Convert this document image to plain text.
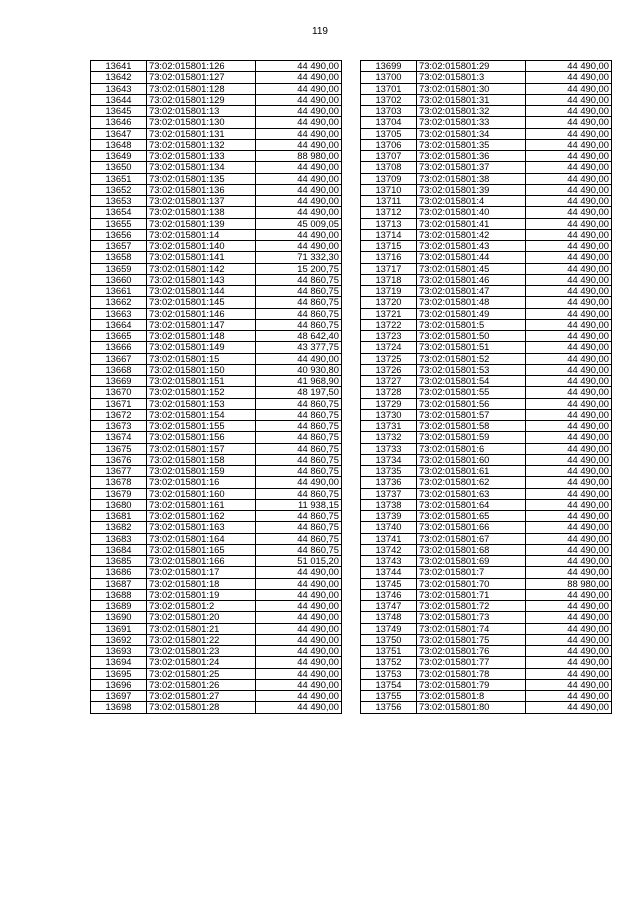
119
13641	73:02:015801:126	44 490,00
13642	73:02:015801:127	44 490,00
13643	73:02:015801:128	44 490,00
13644	73:02:015801:129	44 490,00
13645	73:02:015801:13	44 490,00
13646	73:02:015801:130	44 490,00
13647	73:02:015801:131	44 490,00
13648	73:02:015801:132	44 490,00
13649	73:02:015801:133	88 980,00
13650	73:02:015801:134	44 490,00
13651	73:02:015801:135	44 490,00
13652	73:02:015801:136	44 490,00
13653	73:02:015801:137	44 490,00
13654	73:02:015801:138	44 490,00
13655	73:02:015801:139	45 009,05
13656	73:02:015801:14	44 490,00
13657	73:02:015801:140	44 490,00
13658	73:02:015801:141	71 332,30
13659	73:02:015801:142	15 200,75
13660	73:02:015801:143	44 860,75
13661	73:02:015801:144	44 860,75
13662	73:02:015801:145	44 860,75
13663	73:02:015801:146	44 860,75
13664	73:02:015801:147	44 860,75
13665	73:02:015801:148	48 642,40
13666	73:02:015801:149	43 377,75
13667	73:02:015801:15	44 490,00
13668	73:02:015801:150	40 930,80
13669	73:02:015801:151	41 968,90
13670	73:02:015801:152	48 197,50
13671	73:02:015801:153	44 860,75
13672	73:02:015801:154	44 860,75
13673	73:02:015801:155	44 860,75
13674	73:02:015801:156	44 860,75
13675	73:02:015801:157	44 860,75
13676	73:02:015801:158	44 860,75
13677	73:02:015801:159	44 860,75
13678	73:02:015801:16	44 490,00
13679	73:02:015801:160	44 860,75
13680	73:02:015801:161	11 938,15
13681	73:02:015801:162	44 860,75
13682	73:02:015801:163	44 860,75
13683	73:02:015801:164	44 860,75
13684	73:02:015801:165	44 860,75
13685	73:02:015801:166	51 015,20
13686	73:02:015801:17	44 490,00
13687	73:02:015801:18	44 490,00
13688	73:02:015801:19	44 490,00
13689	73:02:015801:2	44 490,00
13690	73:02:015801:20	44 490,00
13691	73:02:015801:21	44 490,00
13692	73:02:015801:22	44 490,00
13693	73:02:015801:23	44 490,00
13694	73:02:015801:24	44 490,00
13695	73:02:015801:25	44 490,00
13696	73:02:015801:26	44 490,00
13697	73:02:015801:27	44 490,00
13698	73:02:015801:28	44 490,00
13699	73:02:015801:29	44 490,00
13700	73:02:015801:3	44 490,00
13701	73:02:015801:30	44 490,00
13702	73:02:015801:31	44 490,00
13703	73:02:015801:32	44 490,00
13704	73:02:015801:33	44 490,00
13705	73:02:015801:34	44 490,00
13706	73:02:015801:35	44 490,00
13707	73:02:015801:36	44 490,00
13708	73:02:015801:37	44 490,00
13709	73:02:015801:38	44 490,00
13710	73:02:015801:39	44 490,00
13711	73:02:015801:4	44 490,00
13712	73:02:015801:40	44 490,00
13713	73:02:015801:41	44 490,00
13714	73:02:015801:42	44 490,00
13715	73:02:015801:43	44 490,00
13716	73:02:015801:44	44 490,00
13717	73:02:015801:45	44 490,00
13718	73:02:015801:46	44 490,00
13719	73:02:015801:47	44 490,00
13720	73:02:015801:48	44 490,00
13721	73:02:015801:49	44 490,00
13722	73:02:015801:5	44 490,00
13723	73:02:015801:50	44 490,00
13724	73:02:015801:51	44 490,00
13725	73:02:015801:52	44 490,00
13726	73:02:015801:53	44 490,00
13727	73:02:015801:54	44 490,00
13728	73:02:015801:55	44 490,00
13729	73:02:015801:56	44 490,00
13730	73:02:015801:57	44 490,00
13731	73:02:015801:58	44 490,00
13732	73:02:015801:59	44 490,00
13733	73:02:015801:6	44 490,00
13734	73:02:015801:60	44 490,00
13735	73:02:015801:61	44 490,00
13736	73:02:015801:62	44 490,00
13737	73:02:015801:63	44 490,00
13738	73:02:015801:64	44 490,00
13739	73:02:015801:65	44 490,00
13740	73:02:015801:66	44 490,00
13741	73:02:015801:67	44 490,00
13742	73:02:015801:68	44 490,00
13743	73:02:015801:69	44 490,00
13744	73:02:015801:7	44 490,00
13745	73:02:015801:70	88 980,00
13746	73:02:015801:71	44 490,00
13747	73:02:015801:72	44 490,00
13748	73:02:015801:73	44 490,00
13749	73:02:015801:74	44 490,00
13750	73:02:015801:75	44 490,00
13751	73:02:015801:76	44 490,00
13752	73:02:015801:77	44 490,00
13753	73:02:015801:78	44 490,00
13754	73:02:015801:79	44 490,00
13755	73:02:015801:8	44 490,00
13756	73:02:015801:80	44 490,00
